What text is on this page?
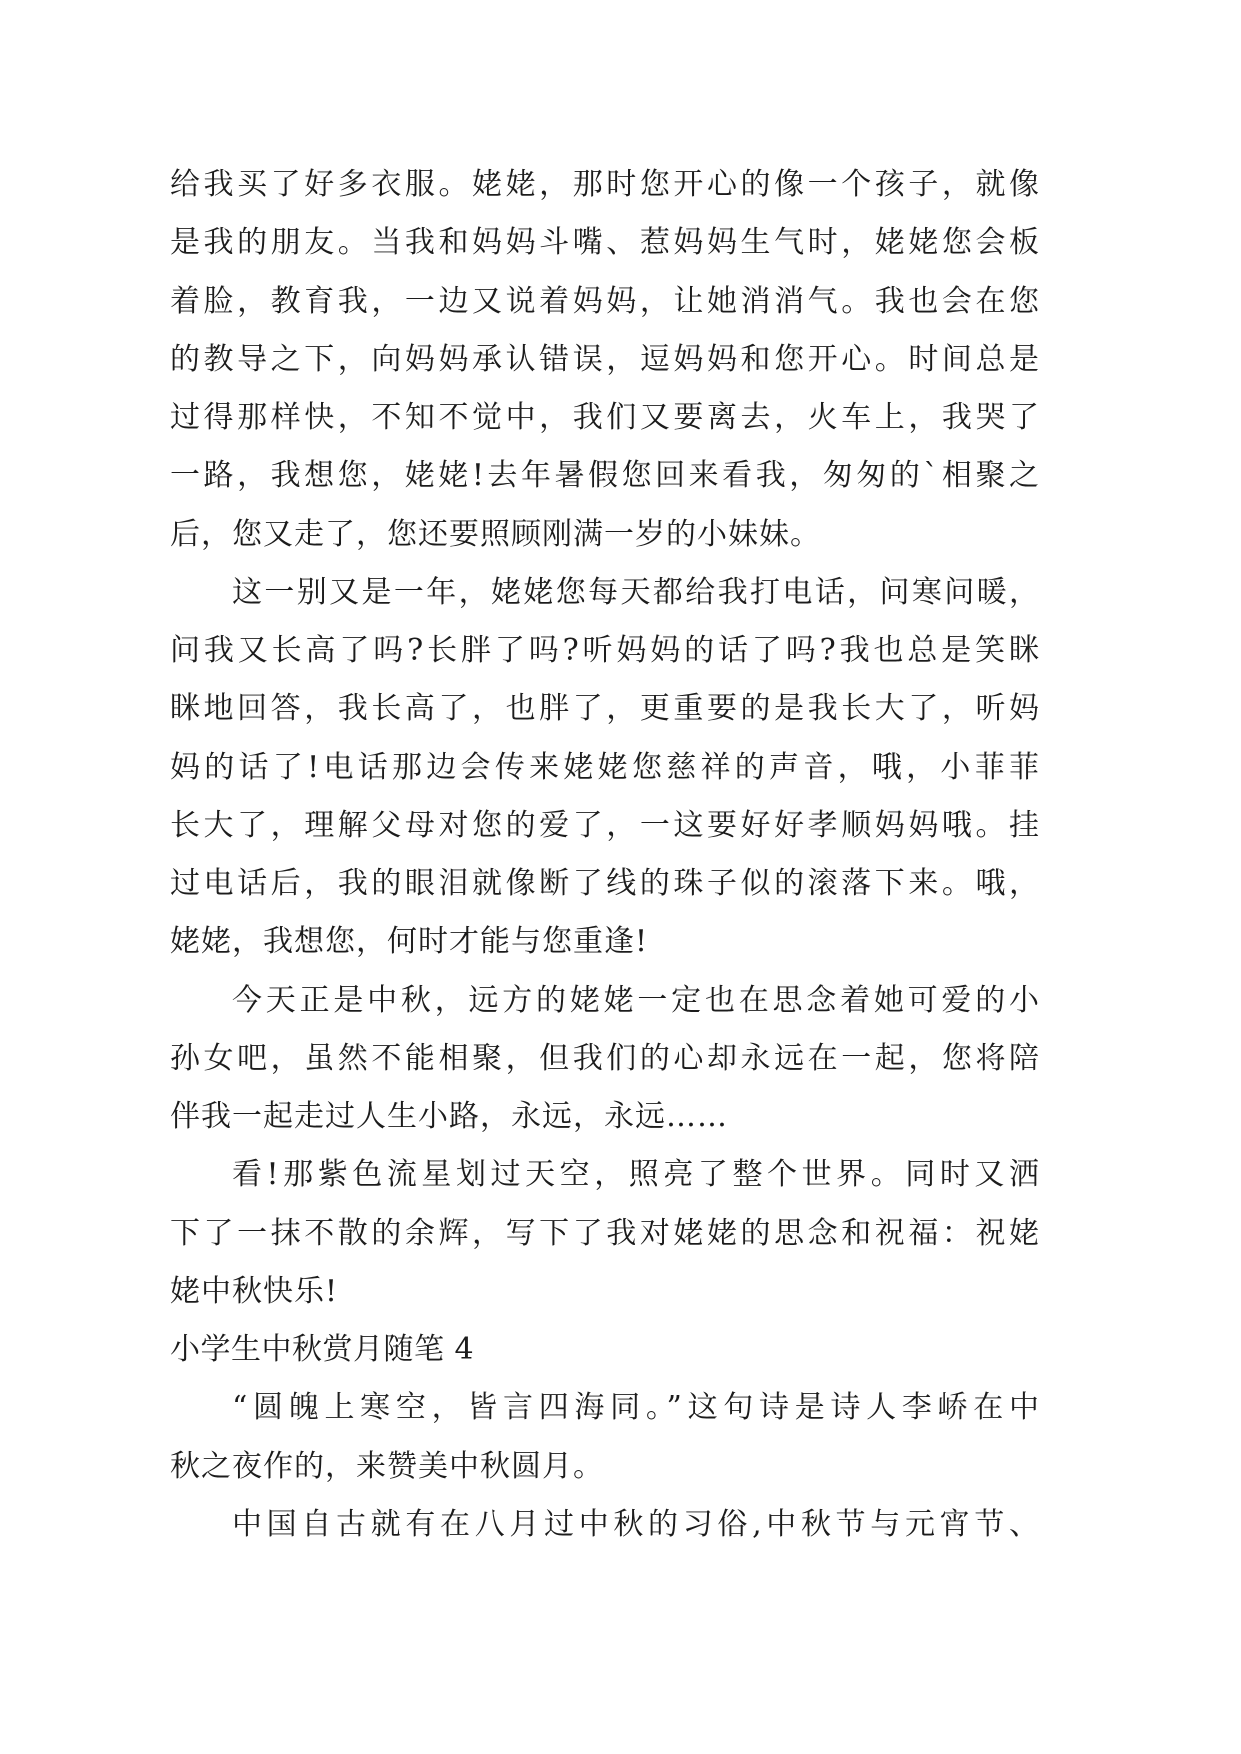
给我买了好多衣服。姥姥，那时您开心的像一个孩子，就像
是我的朋友。当我和妈妈斗嘴、惹妈妈生气时，姥姥您会板
着脸，教育我，一边又说着妈妈，让她消消气。我也会在您
的教导之下，向妈妈承认错误，逗妈妈和您开心。时间总是
过得那样快，不知不觉中，我们又要离去，火车上，我哭了
一路，我想您，姥姥!去年暑假您回来看我，匆匆的`相聚之
后，您又走了，您还要照顾刚满一岁的小妹妹。
这一别又是一年，姥姥您每天都给我打电话，问寒问暖，
问我又长高了吗?长胖了吗?听妈妈的话了吗?我也总是笑眯
眯地回答，我长高了，也胖了，更重要的是我长大了，听妈
妈的话了!电话那边会传来姥姥您慈祥的声音，哦，小菲菲
长大了，理解父母对您的爱了，一这要好好孝顺妈妈哦。挂
过电话后，我的眼泪就像断了线的珠子似的滚落下来。哦，
姥姥，我想您，何时才能与您重逢!
今天正是中秋，远方的姥姥一定也在思念着她可爱的小
孙女吧，虽然不能相聚，但我们的心却永远在一起，您将陪
伴我一起走过人生小路，永远，永远……
看!那紫色流星划过天空，照亮了整个世界。同时又洒
下了一抹不散的余辉，写下了我对姥姥的思念和祝福：祝姥
姥中秋快乐!
小学生中秋赏月随笔 4
“圆魄上寒空，皆言四海同。”这句诗是诗人李峤在中
秋之夜作的，来赞美中秋圆月。
中国自古就有在八月过中秋的习俗,中秋节与元宵节、
